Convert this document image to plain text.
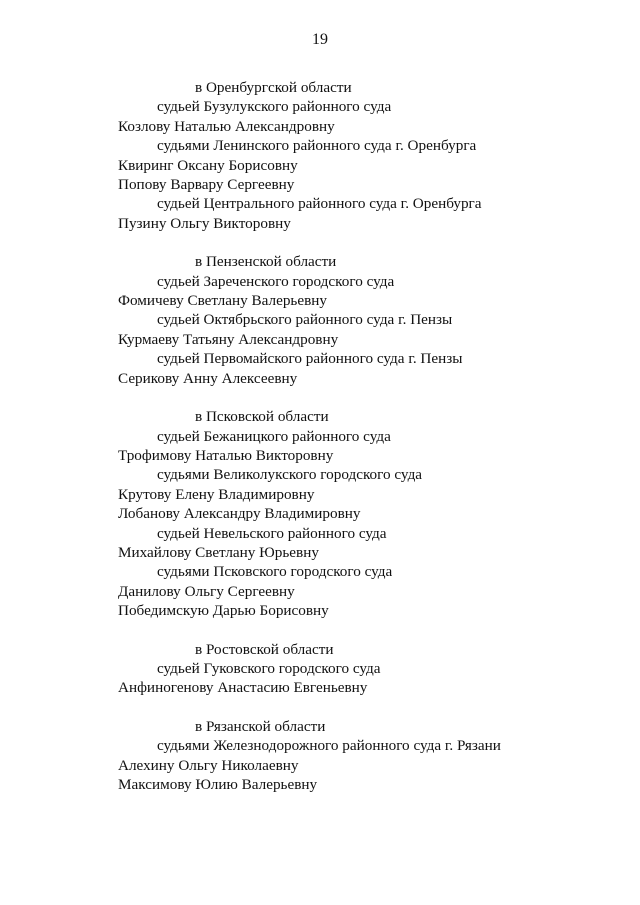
19
в Оренбургской области
судьей Бузулукского районного суда
Козлову Наталью Александровну
судьями Ленинского районного суда г. Оренбурга
Квиринг Оксану Борисовну
Попову Варвару Сергеевну
судьей Центрального районного суда г. Оренбурга
Пузину Ольгу Викторовну
в Пензенской области
судьей Зареченского городского суда
Фомичеву Светлану Валерьевну
судьей Октябрьского районного суда г. Пензы
Курмаеву Татьяну Александровну
судьей Первомайского районного суда г. Пензы
Серикову Анну Алексеевну
в Псковской области
судьей Бежаницкого районного суда
Трофимову Наталью Викторовну
судьями Великолукского городского суда
Крутову Елену Владимировну
Лобанову Александру Владимировну
судьей Невельского районного суда
Михайлову Светлану Юрьевну
судьями Псковского городского суда
Данилову Ольгу Сергеевну
Победимскую Дарью Борисовну
в Ростовской области
судьей Гуковского городского суда
Анфиногенову Анастасию Евгеньевну
в Рязанской области
судьями Железнодорожного районного суда г. Рязани
Алехину Ольгу Николаевну
Максимову Юлию Валерьевну
